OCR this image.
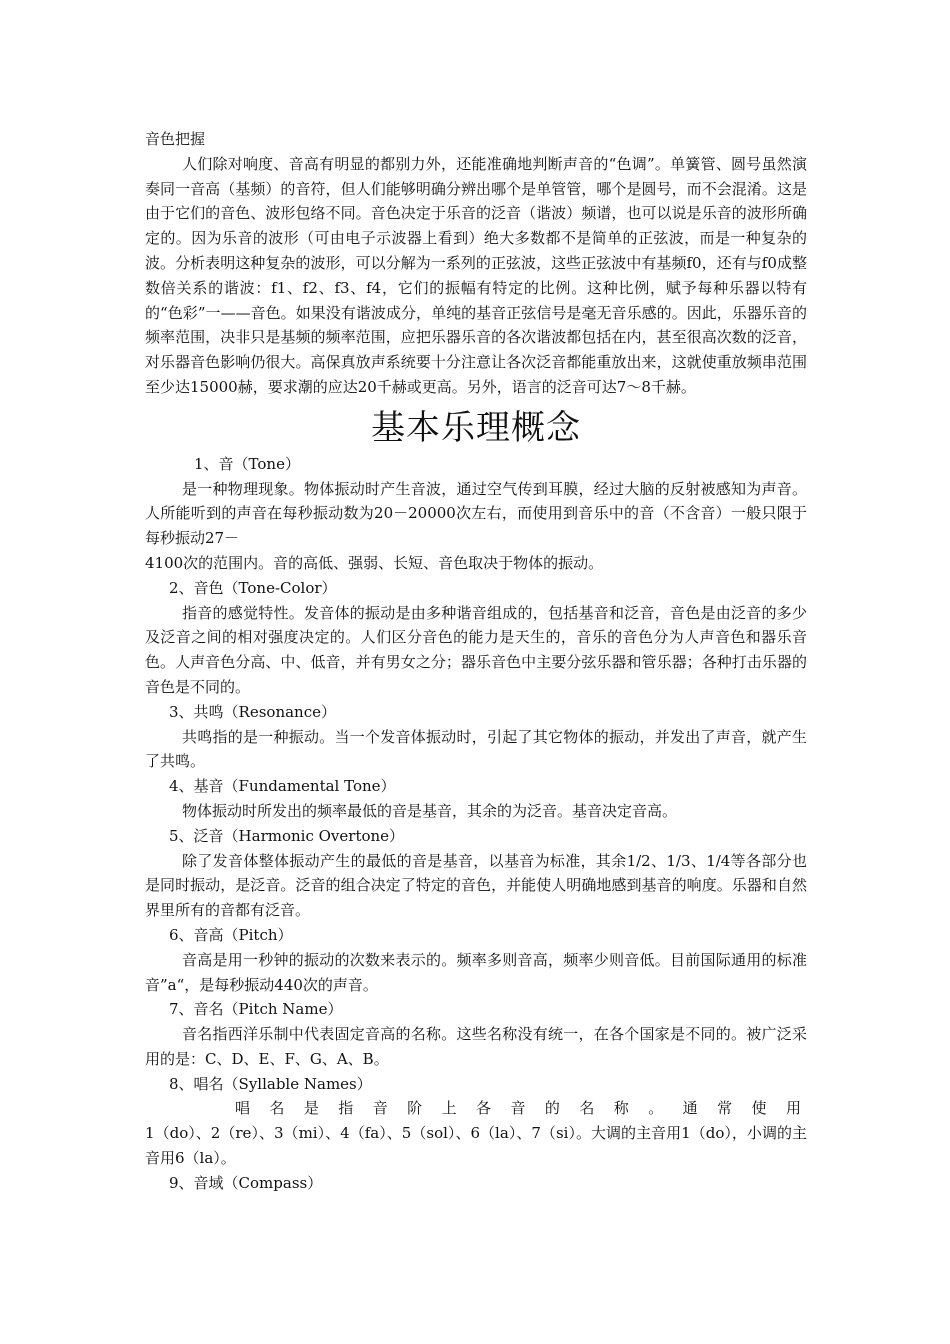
音色把握

人们除对响度、音高有明显的都别力外，还能准确地判断声音的“色调”。单簧管、圆号虽然演奏同一音高（基频）的音符，但人们能够明确分辨出哪个是单管管，哪个是圆号，而不会混淆。这是由于它们的音色、波形包络不同。音色决定于乐音的泛音（谐波）频谱，也可以说是乐音的波形所确定的。因为乐音的波形（可由电子示波器上看到）绝大多数都不是简单的正弦波，而是一种复杂的波。分析表明这种复杂的波形，可以分解为一系列的正弦波，这些正弦波中有基频f0，还有与f0成整数倍关系的谐波：f1、f2、f3、f4，它们的振幅有特定的比例。这种比例，赋予每种乐器以特有的“色彩”一——音色。如果没有谐波成分，单纯的基音正弦信号是毫无音乐感的。因此，乐器乐音的频率范围，决非只是基频的频率范围，应把乐器乐音的各次谐波都包括在内，甚至很高次数的泛音，对乐器音色影响仍很大。高保真放声系统要十分注意让各次泛音都能重放出来，这就使重放频串范围至少达15000赫，要求潮的应达20千赫或更高。另外，语言的泛音可达7～8千赫。

基本乐理概念

1、音（Tone）

是一种物理现象。物体振动时产生音波，通过空气传到耳膜，经过大脑的反射被感知为声音。人所能听到的声音在每秒振动数为20－20000次左右，而使用到音乐中的音（不含音）一般只限于每秒振动27－

4100次的范围内。音的高低、强弱、长短、音色取决于物体的振动。

2、音色（Tone-Color）

指音的感觉特性。发音体的振动是由多种谐音组成的，包括基音和泛音，音色是由泛音的多少及泛音之间的相对强度决定的。人们区分音色的能力是天生的，音乐的音色分为人声音色和器乐音色。人声音色分高、中、低音，并有男女之分；器乐音色中主要分弦乐器和管乐器；各种打击乐器的音色是不同的。

3、共鸣（Resonance）

共鸣指的是一种振动。当一个发音体振动时，引起了其它物体的振动，并发出了声音，就产生了共鸣。

4、基音（Fundamental Tone）

物体振动时所发出的频率最低的音是基音，其余的为泛音。基音决定音高。

5、泛音（Harmonic Overtone）

除了发音体整体振动产生的最低的音是基音，以基音为标准，其余1/2、1/3、1/4等各部分也是同时振动，是泛音。泛音的组合决定了特定的音色，并能使人明确地感到基音的响度。乐器和自然界里所有的音都有泛音。

6、音高（Pitch）

音高是用一秒钟的振动的次数来表示的。频率多则音高，频率少则音低。目前国际通用的标准音”a“，是每秒振动440次的声音。

7、音名（Pitch Name）

音名指西洋乐制中代表固定音高的名称。这些名称没有统一，在各个国家是不同的。被广泛采用的是：C、D、E、F、G、A、B。

8、唱名（Syllable Names）

唱名是指音阶上各音的名称。通常使用

1（do）、2（re）、3（mi）、4（fa）、5（sol）、6（la）、7（si）。大调的主音用1（do），小调的主音用6（la）。

9、音域（Compass）
